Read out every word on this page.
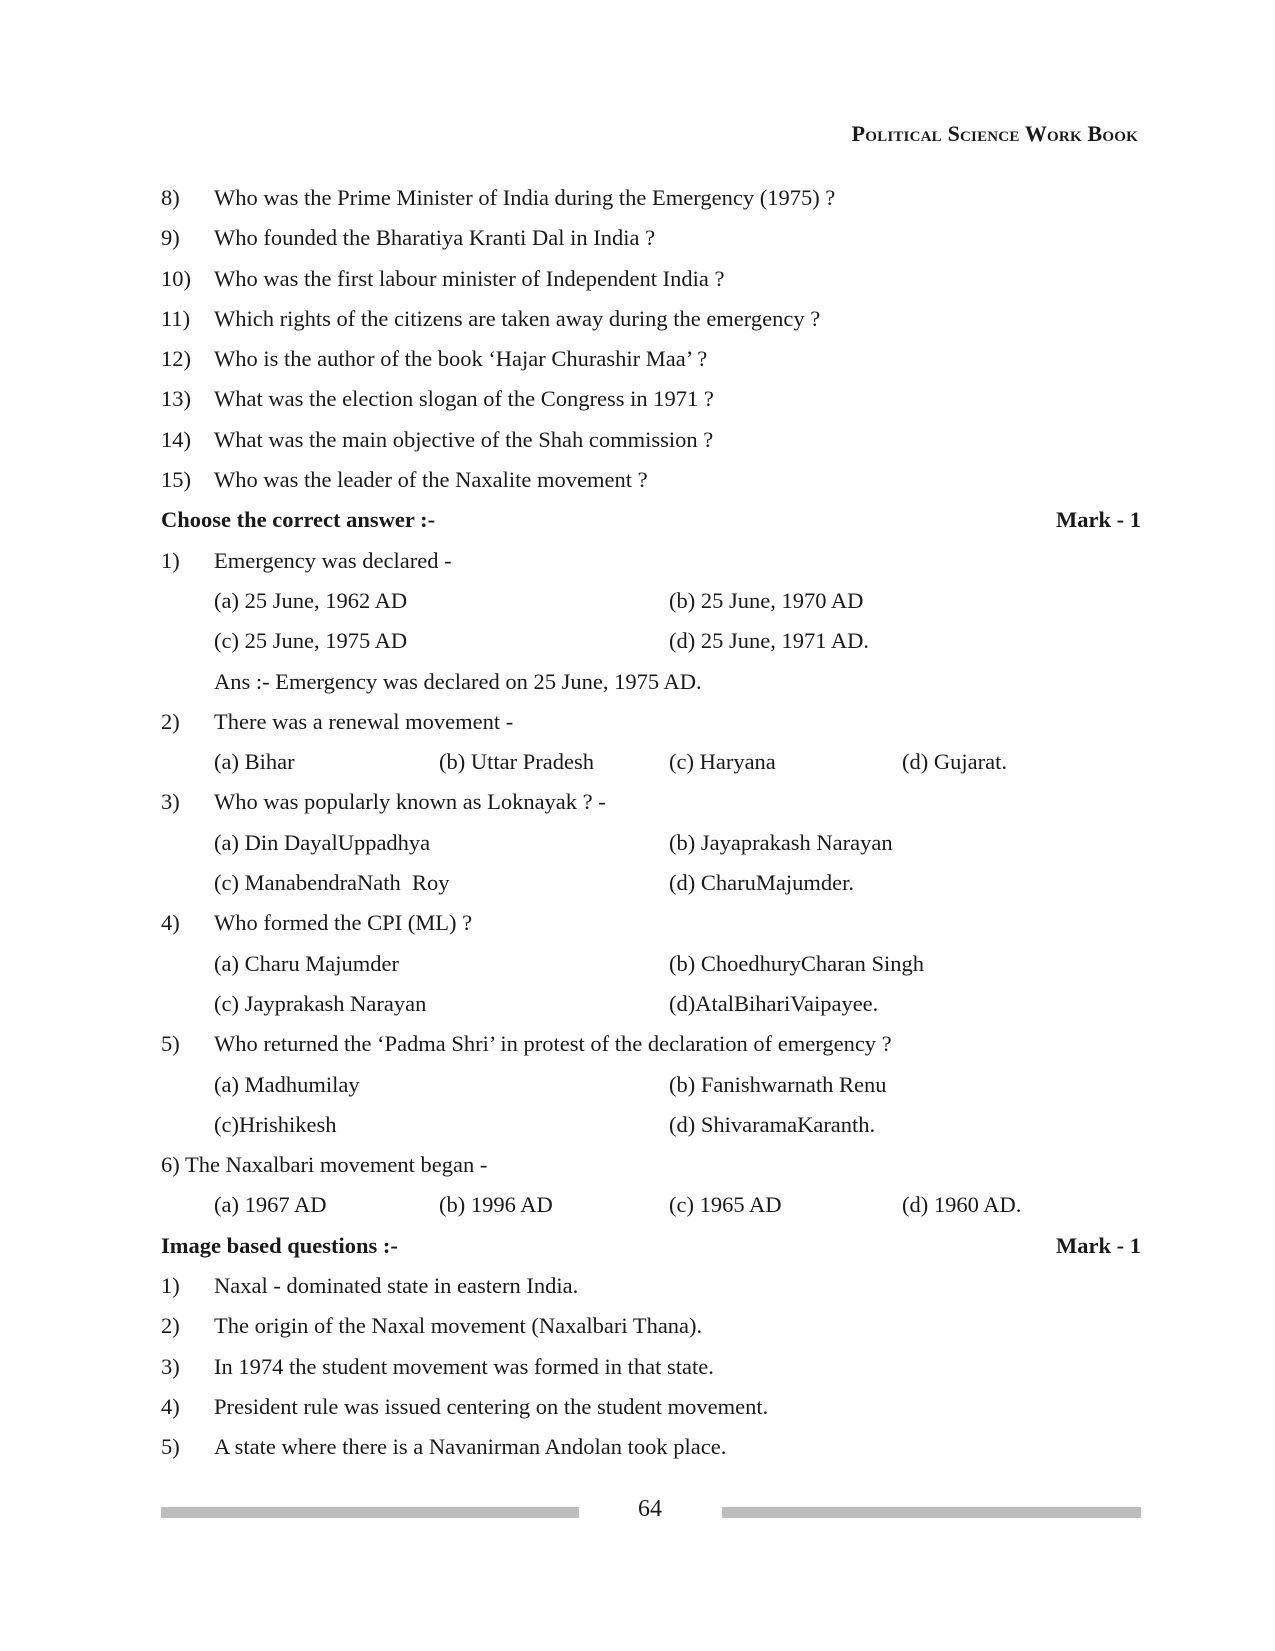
Political Science Work Book
8) Who was the Prime Minister of India during the Emergency (1975) ?
9) Who founded the Bharatiya Kranti Dal in India ?
10) Who was the first labour minister of Independent India ?
11) Which rights of the citizens are taken away during the emergency ?
12) Who is the author of the book ‘Hajar Churashir Maa’ ?
13) What was the election slogan of the Congress in 1971 ?
14) What was the main objective of the Shah commission ?
15) Who was the leader of the Naxalite movement ?
Choose the correct answer :-	Mark - 1
1) Emergency was declared -
(a) 25 June, 1962 AD	(b) 25 June, 1970 AD
(c) 25 June, 1975 AD	(d) 25 June, 1971 AD.
Ans :- Emergency was declared on 25 June, 1975 AD.
2) There was a renewal movement -
(a) Bihar	(b) Uttar Pradesh	(c) Haryana	(d) Gujarat.
3) Who was popularly known as Loknayak ? -
(a) Din DayalUppadhya	(b) Jayaprakash Narayan
(c) ManabendraNath  Roy	(d) CharuMajumder.
4) Who formed the CPI (ML) ?
(a) Charu Majumder	(b) ChoedhuryCharan Singh
(c) Jayprakash Narayan	(d)AtalBihariVaipayee.
5) Who returned the ‘Padma Shri’ in protest of the declaration of emergency ?
(a) Madhumilay	(b) Fanishwarnath Renu
(c)Hrishikesh	(d) ShivaramaKaranth.
6) The Naxalbari movement began -
(a) 1967 AD	(b) 1996 AD	(c) 1965 AD	(d) 1960 AD.
Image based questions :-	Mark - 1
1) Naxal - dominated state in eastern India.
2) The origin of the Naxal movement (Naxalbari Thana).
3) In 1974 the student movement was formed in that state.
4) President rule was issued centering on the student movement.
5) A state where there is a Navanirman Andolan took place.
64
